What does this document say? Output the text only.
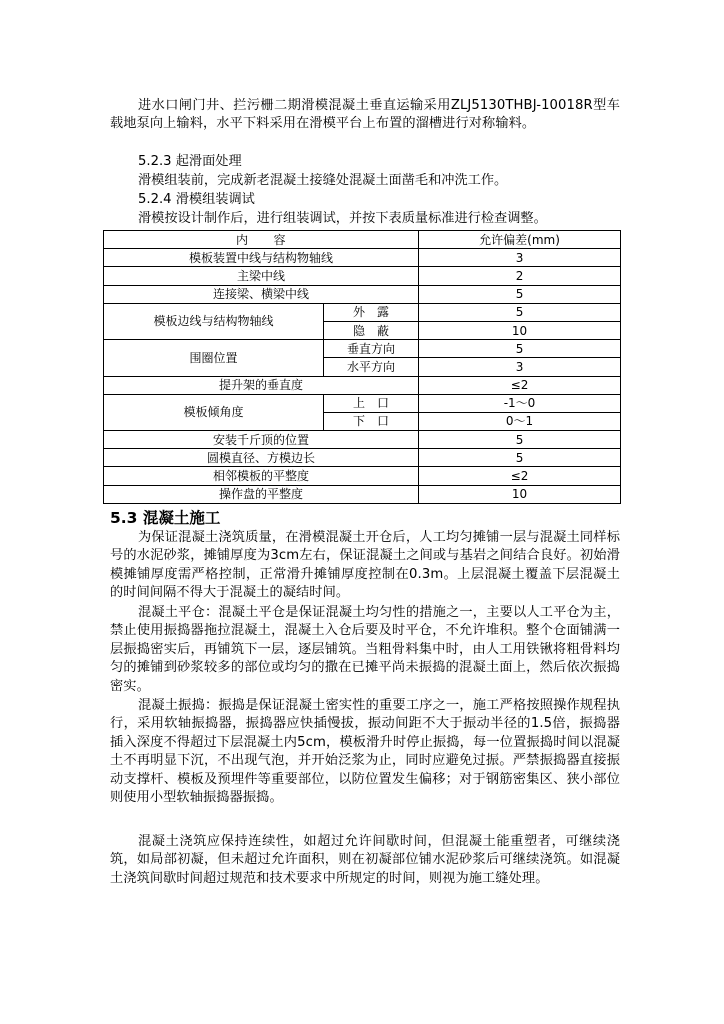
进水口闸门井、拦污栅二期滑模混凝土垂直运输采用ZLJ5130THBJ-10018R型车载地泵向上输料，水平下料采用在滑模平台上布置的溜槽进行对称输料。

5.2.3 起滑面处理

滑模组装前，完成新老混凝土接缝处混凝土面凿毛和冲洗工作。

5.2.4 滑模组装调试

滑模按设计制作后，进行组装调试，并按下表质量标准进行检查调整。

内　　容		允许偏差(mm)
模板装置中线与结构物轴线		3
主梁中线		2
连接梁、横梁中线		5
模板边线与结构物轴线	外　露	5
	隐　蔽	10
围圈位置	垂直方向	5
	水平方向	3
提升架的垂直度		≤2
模板倾角度	上　口	-1～0
	下　口	0～1
安装千斤顶的位置		5
圆模直径、方模边长		5
相邻模板的平整度		≤2
操作盘的平整度		10
5.3 混凝土施工

为保证混凝土浇筑质量，在滑模混凝土开仓后，人工均匀摊铺一层与混凝土同样标号的水泥砂浆，摊铺厚度为3cm左右，保证混凝土之间或与基岩之间结合良好。初始滑模摊铺厚度需严格控制，正常滑升摊铺厚度控制在0.3m。上层混凝土覆盖下层混凝土的时间间隔不得大于混凝土的凝结时间。

混凝土平仓：混凝土平仓是保证混凝土均匀性的措施之一，主要以人工平仓为主，禁止使用振捣器拖拉混凝土，混凝土入仓后要及时平仓，不允许堆积。整个仓面铺满一层振捣密实后，再铺筑下一层，逐层铺筑。当粗骨料集中时，由人工用铁锹将粗骨料均匀的摊铺到砂浆较多的部位或均匀的撒在已摊平尚未振捣的混凝土面上，然后依次振捣密实。

混凝土振捣：振捣是保证混凝土密实性的重要工序之一，施工严格按照操作规程执行，采用软轴振捣器，振捣器应快插慢拔，振动间距不大于振动半径的1.5倍，振捣器插入深度不得超过下层混凝土内5cm，模板滑升时停止振捣，每一位置振捣时间以混凝土不再明显下沉，不出现气泡，并开始泛浆为止，同时应避免过振。严禁振捣器直接振动支撑杆、模板及预埋件等重要部位，以防位置发生偏移；对于钢筋密集区、狭小部位则使用小型软轴振捣器振捣。

混凝土浇筑应保持连续性，如超过允许间歇时间，但混凝土能重塑者，可继续浇筑，如局部初凝，但未超过允许面积，则在初凝部位铺水泥砂浆后可继续浇筑。如混凝土浇筑间歇时间超过规范和技术要求中所规定的时间，则视为施工缝处理。
